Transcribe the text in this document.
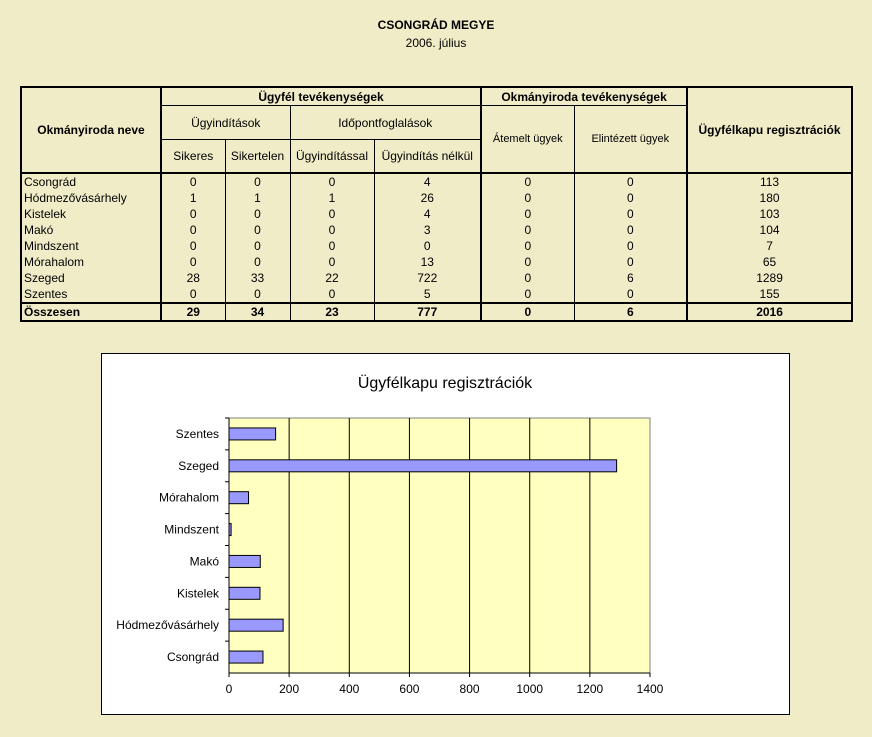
CSONGRÁD MEGYE
2006. július
Okmányiroda neve	Ügyfél tevékenységek				Okmányiroda tevékenységek		Ügyfélkapu regisztrációk
	Ügyindítások		Időpontfoglalások		Átemelt ügyek	Elintézett ügyek	
	Sikeres	Sikertelen	Ügyindítással	Ügyindítás nélkül			
Csongrád	0	0	0	4	0	0	113
Hódmezővásárhely	1	1	1	26	0	0	180
Kistelek	0	0	0	4	0	0	103
Makó	0	0	0	3	0	0	104
Mindszent	0	0	0	0	0	0	7
Mórahalom	0	0	0	13	0	0	65
Szeged	28	33	22	722	0	6	1289
Szentes	0	0	0	5	0	0	155
Összesen	29	34	23	777	0	6	2016
Ügyfélkapu regisztrációk
0	200	400	600	800	1000	1200	1400
Szentes
Szeged
Mórahalom
Mindszent
Makó
Kistelek
Hódmezővásárhely
Csongrád
